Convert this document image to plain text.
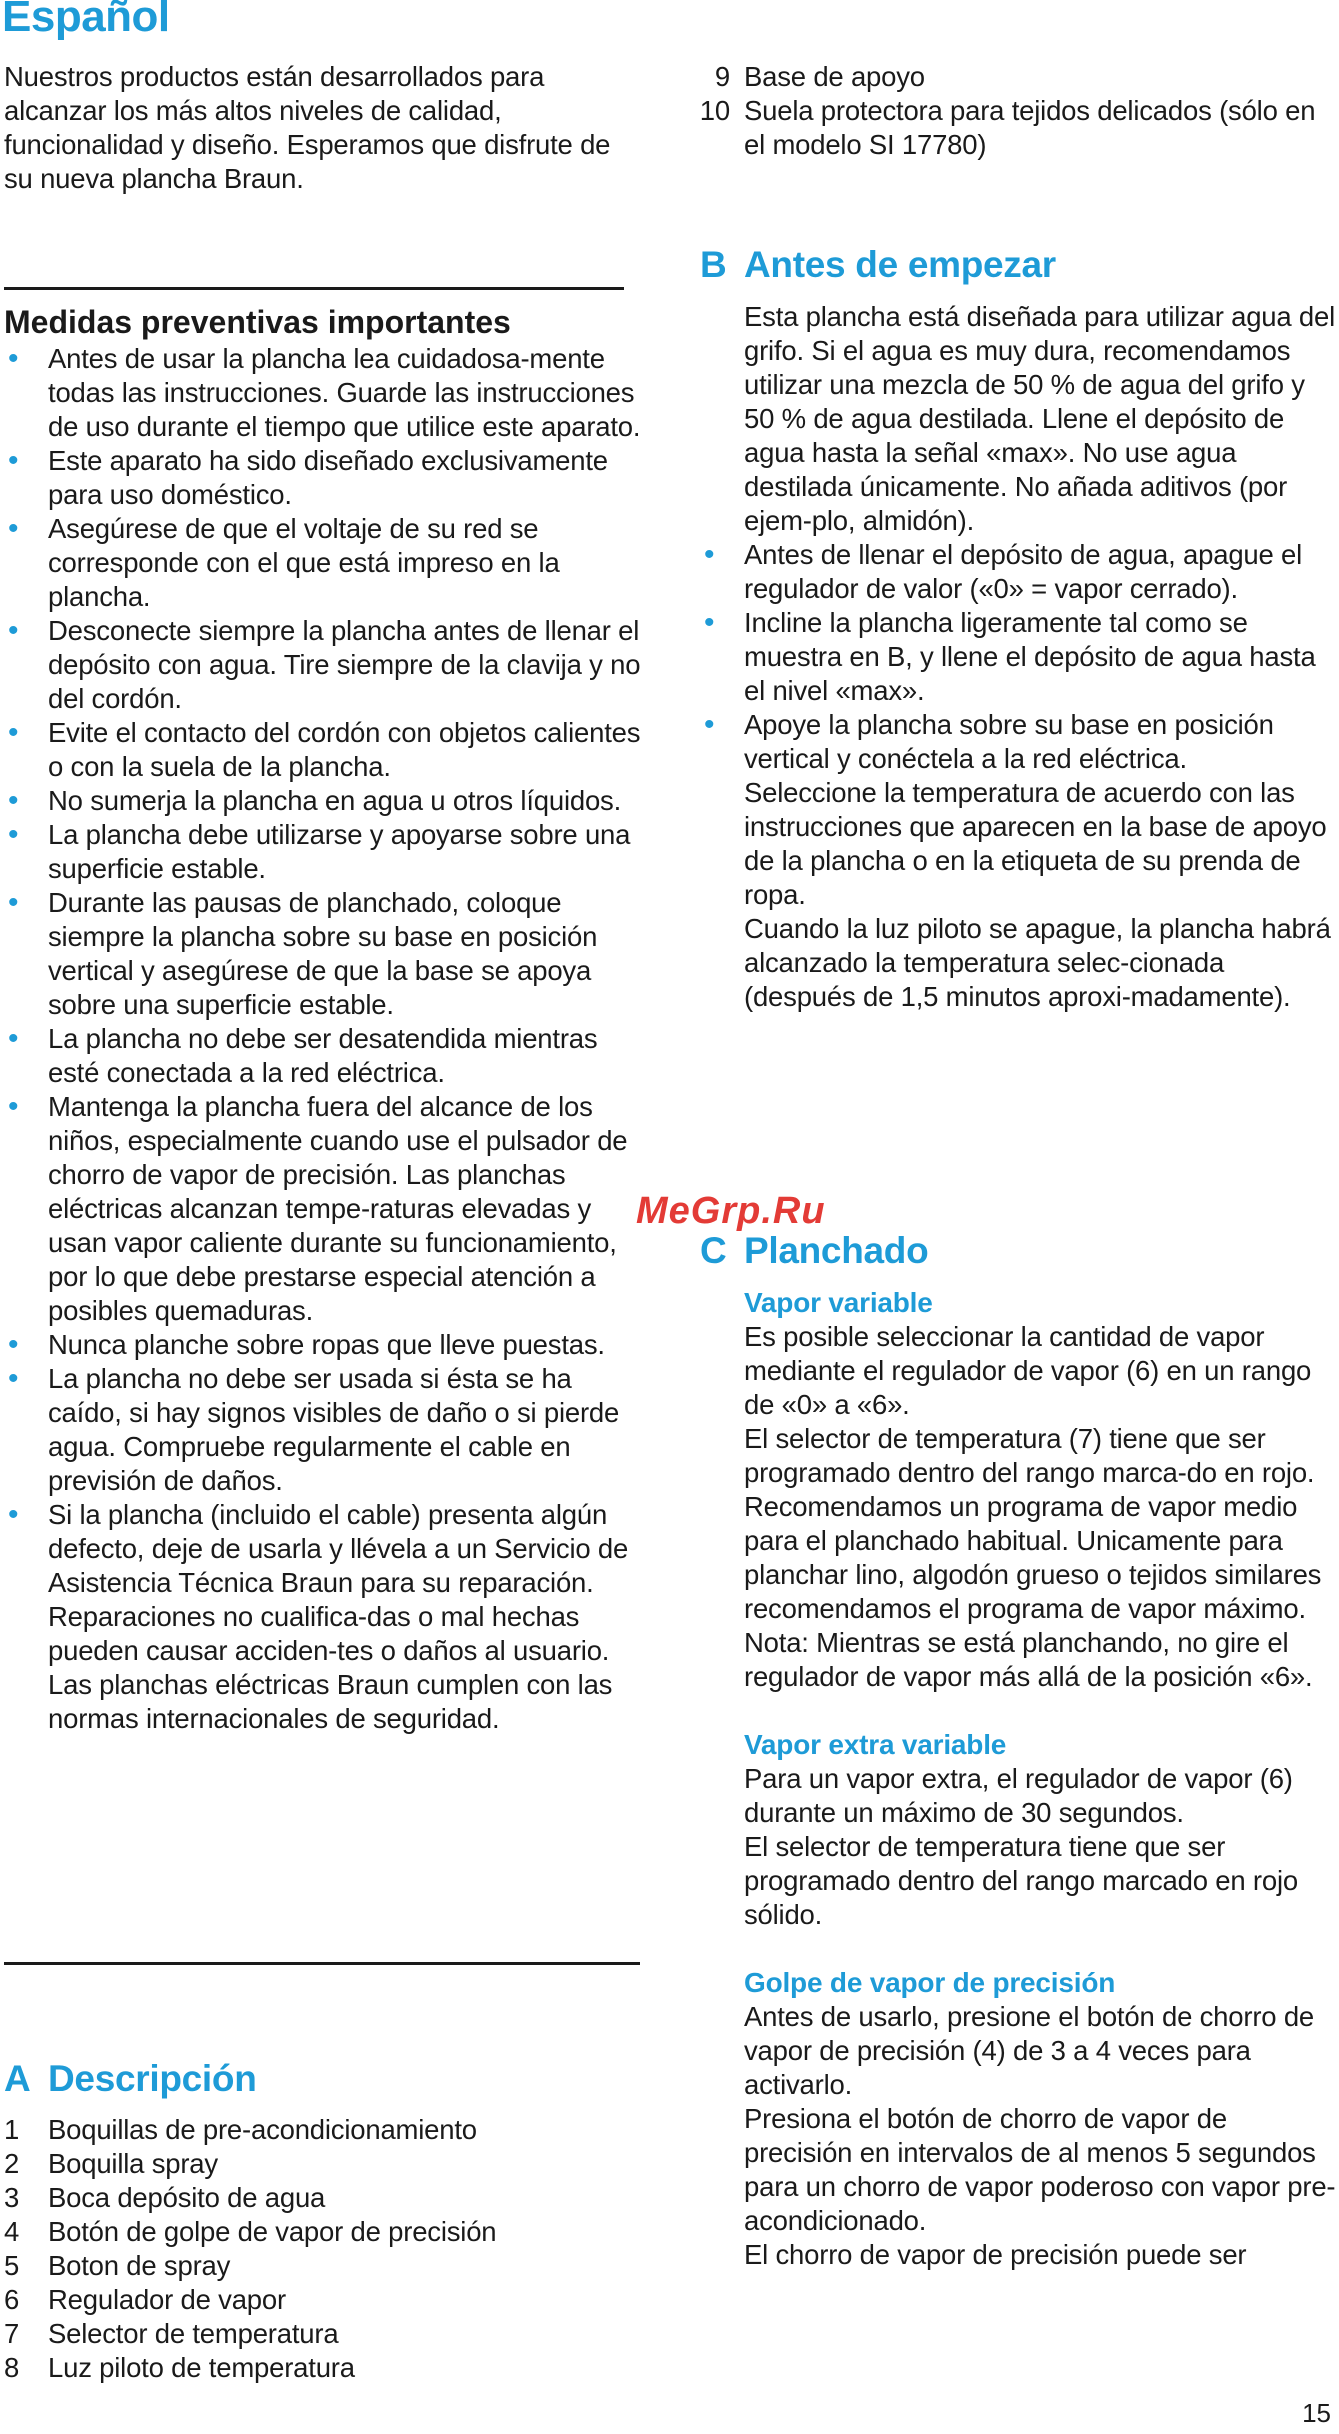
Español
Nuestros productos están desarrollados para alcanzar los más altos niveles de calidad, funcionalidad y diseño. Esperamos que disfrute de su nueva plancha Braun.
Medidas preventivas importantes
• Antes de usar la plancha lea cuidadosa-mente todas las instrucciones. Guarde las instrucciones de uso durante el tiempo que utilice este aparato.
• Este aparato ha sido diseñado exclusivamente para uso doméstico.
• Asegúrese de que el voltaje de su red se corresponde con el que está impreso en la plancha.
• Desconecte siempre la plancha antes de llenar el depósito con agua. Tire siempre de la clavija y no del cordón.
• Evite el contacto del cordón con objetos calientes o con la suela de la plancha.
• No sumerja la plancha en agua u otros líquidos.
• La plancha debe utilizarse y apoyarse sobre una superficie estable.
• Durante las pausas de planchado, coloque siempre la plancha sobre su base en posición vertical y asegúrese de que la base se apoya sobre una superficie estable.
• La plancha no debe ser desatendida mientras esté conectada a la red eléctrica.
• Mantenga la plancha fuera del alcance de los niños, especialmente cuando use el pulsador de chorro de vapor de precisión. Las planchas eléctricas alcanzan tempe-raturas elevadas y usan vapor caliente durante su funcionamiento, por lo que debe prestarse especial atención a posibles quemaduras.
• Nunca planche sobre ropas que lleve puestas.
• La plancha no debe ser usada si ésta se ha caído, si hay signos visibles de daño o si pierde agua. Compruebe regularmente el cable en previsión de daños.
• Si la plancha (incluido el cable) presenta algún defecto, deje de usarla y llévela a un Servicio de Asistencia Técnica Braun para su reparación. Reparaciones no cualifica-das o mal hechas pueden causar acciden-tes o daños al usuario. Las planchas eléctricas Braun cumplen con las normas internacionales de seguridad.
A Descripción
1 Boquillas de pre-acondicionamiento
2 Boquilla spray
3 Boca depósito de agua
4 Botón de golpe de vapor de precisión
5 Boton de spray
6 Regulador de vapor
7 Selector de temperatura
8 Luz piloto de temperatura
9 Base de apoyo
10 Suela protectora para tejidos delicados (sólo en el modelo SI 17780)
B Antes de empezar

Esta plancha está diseñada para utilizar agua del grifo. Si el agua es muy dura, recomendamos utilizar una mezcla de 50 % de agua del grifo y 50 % de agua destilada. Llene el depósito de agua hasta la señal «max». No use agua destilada únicamente. No añada aditivos (por ejem-plo, almidón).

• Antes de llenar el depósito de agua, apague el regulador de valor («0» = vapor cerrado).
• Incline la plancha ligeramente tal como se muestra en B, y llene el depósito de agua hasta el nivel «max».
• Apoye la plancha sobre su base en posición vertical y conéctela a la red eléctrica.

Seleccione la temperatura de acuerdo con las instrucciones que aparecen en la base de apoyo de la plancha o en la etiqueta de su prenda de ropa.

Cuando la luz piloto se apague, la plancha habrá alcanzado la temperatura selec-cionada (después de 1,5 minutos aproxi-madamente).

C Planchado
Vapor variable

Es posible seleccionar la cantidad de vapor mediante el regulador de vapor (6) en un rango de «0» a «6».

El selector de temperatura (7) tiene que ser programado dentro del rango marca-do en rojo.

Recomendamos un programa de vapor medio para el planchado habitual. Unicamente para planchar lino, algodón grueso o tejidos similares recomendamos el programa de vapor máximo.

Nota: Mientras se está planchando, no gire el regulador de vapor más allá de la posición «6».

Vapor extra variable

Para un vapor extra, el regulador de vapor (6) durante un máximo de 30 segundos.

El selector de temperatura tiene que ser programado dentro del rango marcado en rojo sólido.

Golpe de vapor de precisión

Antes de usarlo, presione el botón de chorro de vapor de precisión (4) de 3 a 4 veces para activarlo.

Presiona el botón de chorro de vapor de precisión en intervalos de al menos 5 segundos para un chorro de vapor poderoso con vapor pre-acondicionado.

El chorro de vapor de precisión puede ser

MeGrp.Ru
15
